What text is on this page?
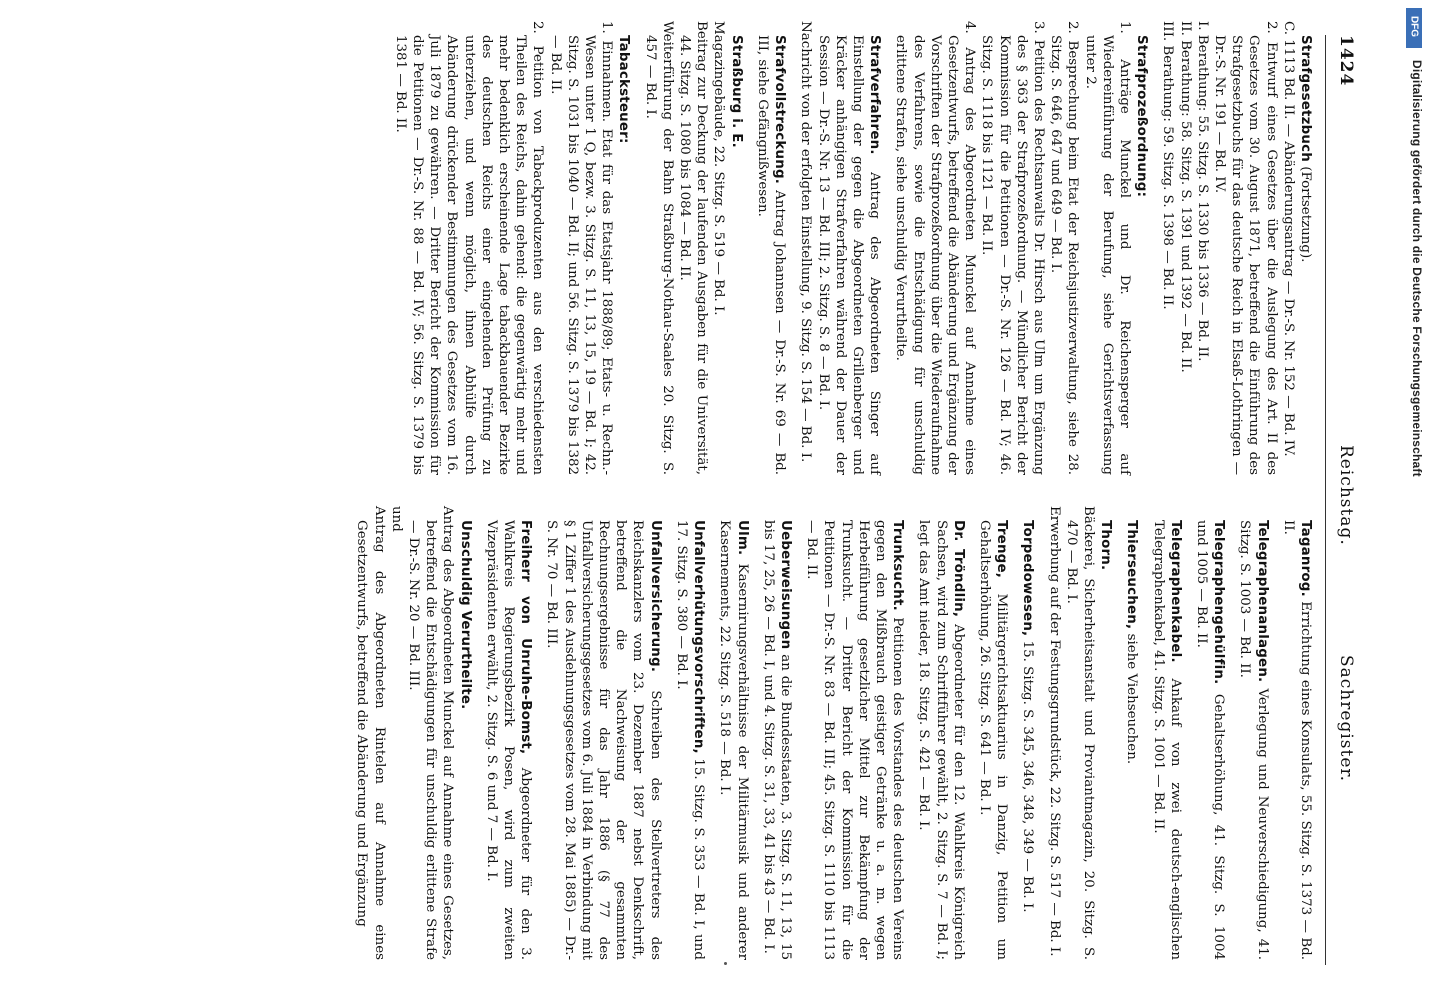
1424
Reichstag.
Sachregister.

Strafgesetzbuch (Fortsetzung).

C. 1113 Bd. II. — Abänderungsantrag — Dr.-S. Nr. 152 — Bd. IV.

2. Entwurf eines Gesetzes über die Auslegung des Art. II des Gesetzes vom 30. August 1871, betreffend die Einführung des Strafgesetzbuchs für das deutsche Reich in Elsaß-Lothringen — Dr.-S. Nr. 191 — Bd. IV.

I. Berathung: 55. Sitzg. S. 1330 bis 1336 — Bd. II.

II. Berathung: 58. Sitzg. S. 1391 und 1392 — Bd. II.

III. Berathung: 59. Sitzg. S. 1398 — Bd. II.

Strafprozeßordnung:

1. Anträge Munckel und Dr. Reichensperger auf Wiedereinführung der Berufung, siehe Gerichtsverfassung unter 2.

2. Besprechung beim Etat der Reichsjustizverwaltung, siehe 28. Sitzg. S. 646, 647 und 649 — Bd. I.

3. Petition des Rechtsanwalts Dr. Hirsch aus Ulm um Ergänzung des § 363 der Strafprozeßordnung. — Mündlicher Bericht der Kommission für die Petitionen — Dr.-S. Nr. 126 — Bd. IV; 46. Sitzg. S. 1118 bis 1121 — Bd. II.

4. Antrag des Abgeordneten Munckel auf Annahme eines Gesetzentwurfs, betreffend die Abänderung und Ergänzung der Vorschriften der Strafprozeßordnung über die Wiederaufnahme des Verfahrens, sowie die Entschädigung für unschuldig erlittene Strafen, siehe unschuldig Verurtheilte.

Strafverfahren. Antrag des Abgeordneten Singer auf Einstellung der gegen die Abgeordneten Grillenberger und Kräcker anhängigen Strafverfahren während der Dauer der Session — Dr.-S. Nr. 13 — Bd. III; 2. Sitzg. S. 8 — Bd. I.

Nachricht von der erfolgten Einstellung, 9. Sitzg. S. 154 — Bd. I.

Strafvollstreckung. Antrag Johannsen — Dr.-S. Nr. 69 — Bd. III, siehe Gefängnißwesen.

Straßburg i. E.

Magazingebäude, 22. Sitzg. S. 519 — Bd. I.

Beitrag zur Deckung der laufenden Ausgaben für die Universität, 44. Sitzg. S. 1080 bis 1084 — Bd. II.

Weiterführung der Bahn Straßburg-Nothau-Saales 20. Sitzg. S. 457 — Bd. I.

Tabacksteuer:

1. Einnahmen. Etat für das Etatsjahr 1888/89; Etats- u. Rechn.-Wesen unter 1 Q, bezw. 3. Sitzg. S. 11, 13, 15, 19 — Bd. I; 42. Sitzg. S. 1031 bis 1040 — Bd. II; und 56. Sitzg. S. 1379 bis 1382 — Bd. II.

2. Petition von Tabackproduzenten aus den verschiedensten Theilen des Reichs, dahin gehend: die gegenwärtig mehr und mehr bedenklich erscheinende Lage tabackbauender Bezirke des deutschen Reichs einer eingehenden Prüfung zu unterziehen, und wenn möglich, ihnen Abhülfe durch Abänderung drückender Bestimmungen des Gesetzes vom 16. Juli 1879 zu gewähren. — Dritter Bericht der Kommission für die Petitionen — Dr.-S. Nr. 88 — Bd. IV; 56. Sitzg. S. 1379 bis 1381 — Bd. II.

Taganrog. Errichtung eines Konsulats, 55. Sitzg. S. 1373 — Bd. II.

Telegraphenanlagen. Verlegung und Neuverschiedigung, 41. Sitzg. S. 1003 — Bd. II.

Telegraphengehülfin. Gehaltserhöhung, 41. Sitzg. S. 1004 und 1005 — Bd. II.

Telegraphenkabel. Ankauf von zwei deutsch-englischen Telegraphenkabel, 41. Sitzg. S. 1001 — Bd. II.

Thierseuchen, siehe Viehseuchen.

Thorn.

Bäckerei, Sicherheitsanstalt und Proviantmagazin, 20. Sitzg. S. 470 — Bd. I.

Erwerbung auf der Festungsgrundstück, 22. Sitzg. S. 517 — Bd. I.

Torpedowesen, 15. Sitzg. S. 345, 346, 348, 349 — Bd. I.

Trenge, Militärgerichtsaktuarius in Danzig, Petition um Gehaltserhöhung, 26. Sitzg. S. 641 — Bd. I.

Dr. Tröndlin, Abgeordneter für den 12. Wahlkreis Königreich Sachsen, wird zum Schriftführer gewählt, 2. Sitzg. S. 7 — Bd. I; legt das Amt nieder, 18. Sitzg. S. 421 — Bd. I.

Trunksucht. Petitionen des Vorstandes des deutschen Vereins gegen den Mißbrauch geistiger Getränke u. a. m. wegen Herbeiführung gesetzlicher Mittel zur Bekämpfung der Trunksucht. — Dritter Bericht der Kommission für die Petitionen — Dr.-S. Nr. 83 — Bd. III; 45. Sitzg. S. 1110 bis 1113 — Bd. II.

Ueberweisungen an die Bundesstaaten, 3. Sitzg. S. 11, 13, 15 bis 17, 25, 26 — Bd. I, und 4. Sitzg. S. 31, 33, 41 bis 43 — Bd. I.

Ulm. Kasernirungsverhältnisse der Militärmusik und anderer Kasernements, 22. Sitzg. S. 518 — Bd. I.

Unfallverhütungsvorschriften, 15. Sitzg. S. 353 — Bd. I, und 17. Sitzg. S. 380 — Bd. I.

Unfallversicherung. Schreiben des Stellvertreters des Reichskanzlers vom 23. Dezember 1887 nebst Denkschrift, betreffend die Nachweisung der gesammten Rechnungsergebnisse für das Jahr 1886 (§ 77 des Unfallversicherungsgesetzes vom 6. Juli 1884 in Verbindung mit § 1 Ziffer 1 des Ausdehnungsgesetzes vom 28. Mai 1885) — Dr.-S. Nr. 70 — Bd. III.

Freiherr von Unruhe-Bomst, Abgeordneter für den 3. Wahlkreis Regierungsbezirk Posen, wird zum zweiten Vizepräsidenten erwählt, 2. Sitzg. S. 6 und 7 — Bd. I.

Unschuldig Verurtheilte.

Antrag des Abgeordneten Munckel auf Annahme eines Gesetzes, betreffend die Entschädigungen für unschuldig erlittene Strafe — Dr.-S. Nr. 20 — Bd. III.

und

Antrag des Abgeordneten Rintelen auf Annahme eines Gesetzentwurfs, betreffend die Abänderung und Ergänzung

DFG
Digitalisierung gefördert durch die Deutsche Forschungsgemeinschaft
